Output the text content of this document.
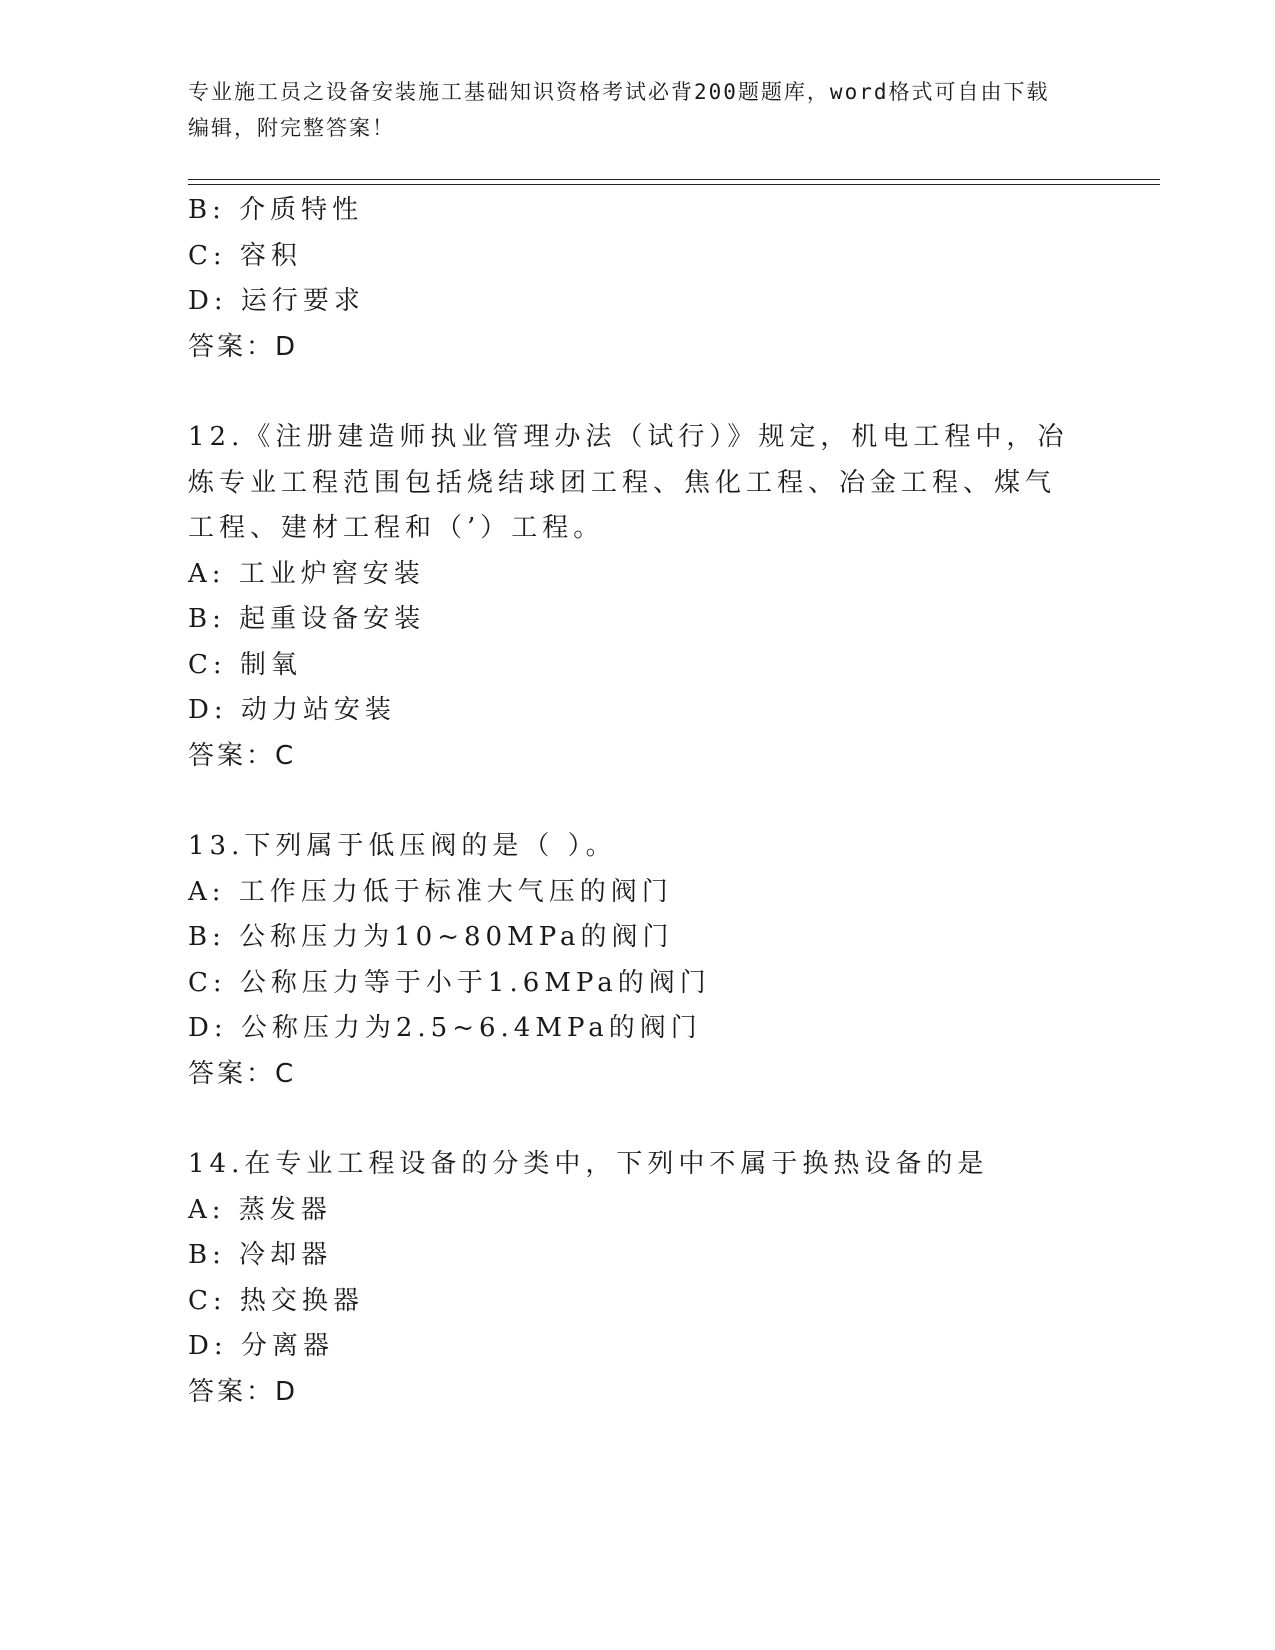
专业施工员之设备安装施工基础知识资格考试必背200题题库，word格式可自由下载编辑，附完整答案！

B: 介质特性

C: 容积

D: 运行要求

答案：D

12.《注册建造师执业管理办法（试行）》规定，机电工程中，冶炼专业工程范围包括烧结球团工程、焦化工程、冶金工程、煤气工程、建材工程和（’）工程。

A: 工业炉窖安装

B: 起重设备安装

C: 制氧

D: 动力站安装

答案：C

13.下列属于低压阀的是（ ）。

A: 工作压力低于标准大气压的阀门

B: 公称压力为10~80MPa的阀门

C: 公称压力等于小于1.6MPa的阀门

D: 公称压力为2.5~6.4MPa的阀门

答案：C

14.在专业工程设备的分类中，下列中不属于换热设备的是

A: 蒸发器

B: 冷却器

C: 热交换器

D: 分离器

答案：D
